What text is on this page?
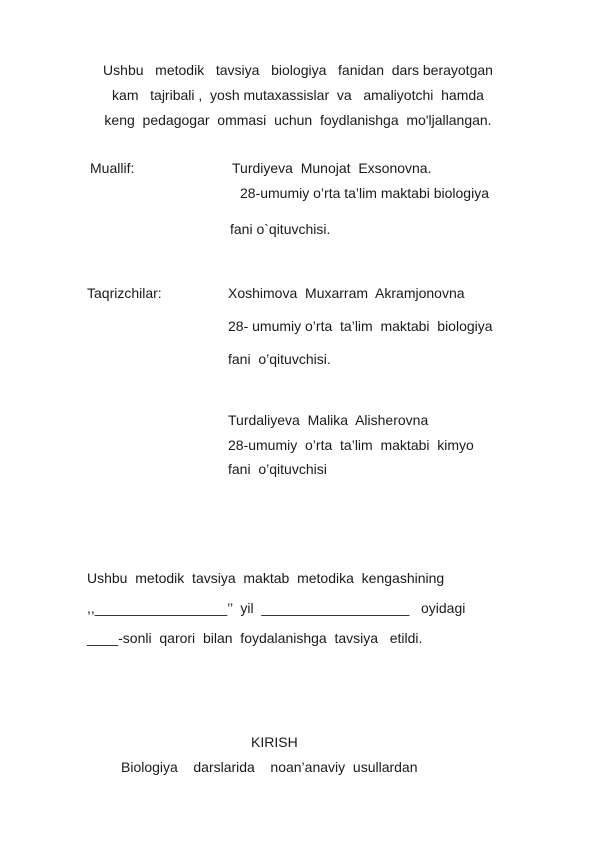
Ushbu   metodik   tavsiya   biologiya   fanidan  dars berayotgan
kam   tajribali ,  yosh mutaxassislar  va   amaliyotchi  hamda
keng  pedagogar  ommasi  uchun  foydlanishga  mo'ljallangan.
Muallif:	Turdiyeva  Munojat  Exsonovna.
28-umumiy o’rta ta’lim maktabi biologiya
fani o`qituvchisi.
Taqrizchilar:	Xoshimova  Muxarram  Akramjonovna
28- umumiy o’rta  ta’lim  maktabi  biologiya
fani  o’qituvchisi.
Turdaliyeva  Malika  Alisherovna
28-umumiy  o’rta  ta’lim  maktabi  kimyo
fani  o’qituvchisi
Ushbu  metodik  tavsiya  maktab  metodika  kengashining
,,_________________’’  yil  ___________________   oyidagi
____-sonli  qarori  bilan  foydalanishga  tavsiya   etildi.
KIRISH
Biologiya    darslarida    noan’anaviy  usullardan
